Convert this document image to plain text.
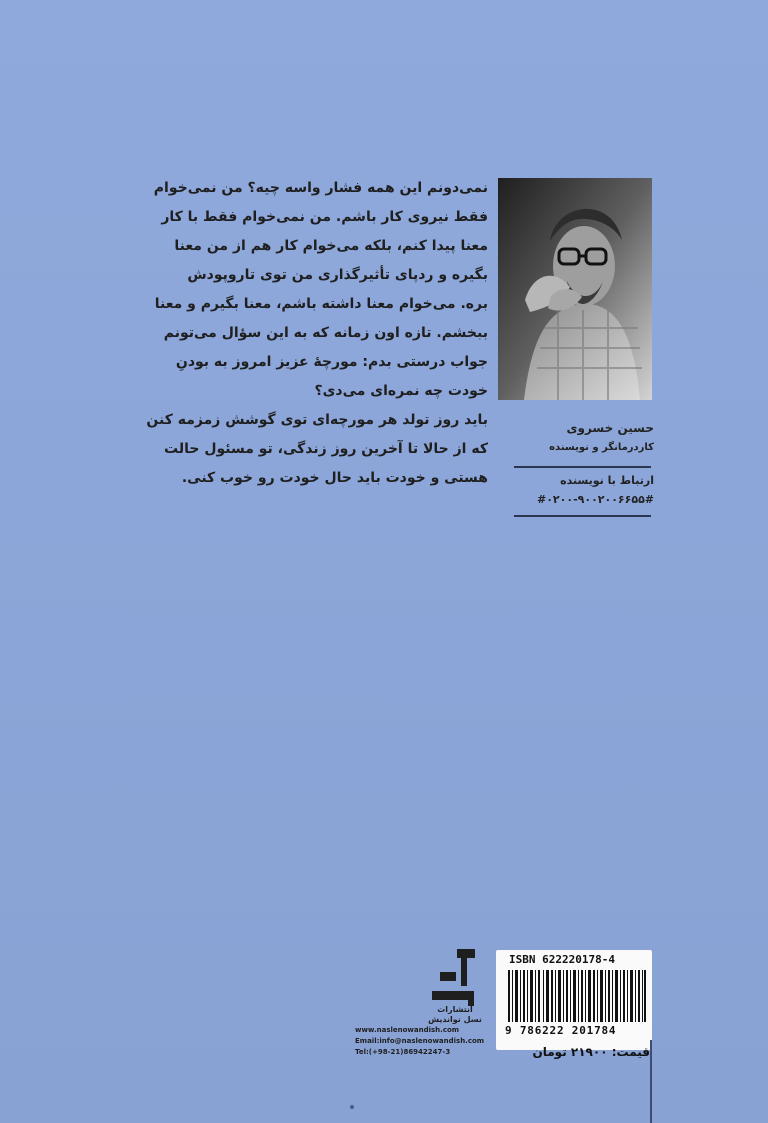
نمی‌دونم این همه فشار واسه چیه؟ من نمی‌خوام

فقط نیروی کار باشم. من نمی‌خوام فقط با کار

معنا پیدا کنم، بلکه می‌خوام کار هم از من معنا

بگیره و ردپای تأثیرگذاری من توی تاروپودش

بره. می‌خوام معنا داشته باشم، معنا بگیرم و معنا

ببخشم. تازه اون زمانه که به این سؤال می‌تونم

جواب درستی بدم: مورچهٔ عزیز امروز به بودنِ

خودت چه نمره‌ای می‌دی؟

باید روز تولد هر مورچه‌ای توی گوشش زمزمه کنن

که از حالا تا آخرین روز زندگی، تو مسئول حالت

هستی و خودت باید حال خودت رو خوب کنی.

حسین خسروی
کاردرمانگر و نویسنده
ارتباط با نویسنده
#۰۲۰۰-۹۰۰۲۰۰۶۶۵۵#
انتشارات
نسل نواندیش
www.naslenowandish.com
Email:info@naslenowandish.com
Tel:(+98-21)86942247-3
ISBN 622220178-4
9 786222 201784
قیمت: ۲۱۹۰۰ تومان
